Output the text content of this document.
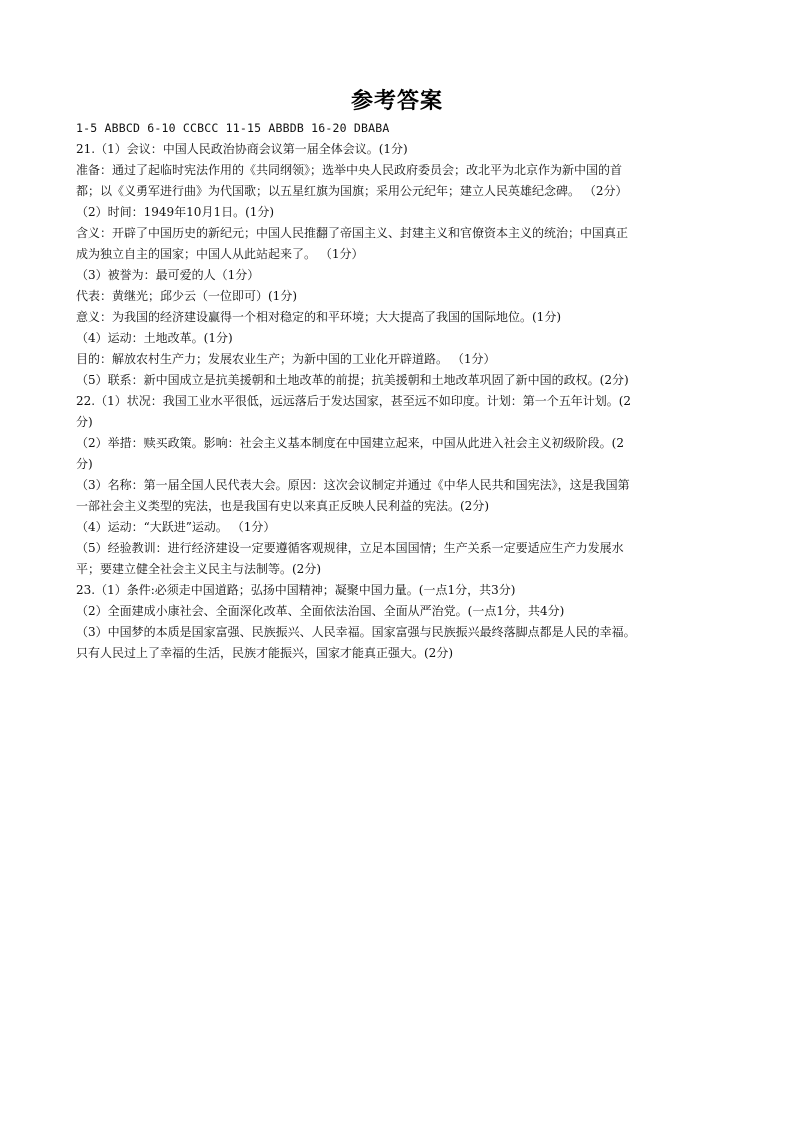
参考答案
1-5 ABBCD 6-10 CCBCC 11-15 ABBDB 16-20 DBABA
21.（1）会议：中国人民政治协商会议第一届全体会议。(1分)
准备：通过了起临时宪法作用的《共同纲领》；选举中央人民政府委员会；改北平为北京作为新中国的首
都；以《义勇军进行曲》为代国歌；以五星红旗为国旗；采用公元纪年；建立人民英雄纪念碑。 （2分）
（2）时间：1949年10月1日。(1分)
含义：开辟了中国历史的新纪元；中国人民推翻了帝国主义、封建主义和官僚资本主义的统治；中国真正
成为独立自主的国家；中国人从此站起来了。 （1分）
（3）被誉为：最可爱的人（1分）
代表：黄继光；邱少云（一位即可）(1分)
意义：为我国的经济建设赢得一个相对稳定的和平环境；大大提高了我国的国际地位。(1分)
（4）运动：土地改革。(1分)
目的：解放农村生产力；发展农业生产；为新中国的工业化开辟道路。 （1分）
（5）联系：新中国成立是抗美援朝和土地改革的前提；抗美援朝和土地改革巩固了新中国的政权。(2分)
22.（1）状况：我国工业水平很低，远远落后于发达国家，甚至远不如印度。计划：第一个五年计划。(2
分)
（2）举措：赎买政策。影响：社会主义基本制度在中国建立起来，中国从此进入社会主义初级阶段。(2
分)
（3）名称：第一届全国人民代表大会。原因：这次会议制定并通过《中华人民共和国宪法》，这是我国第
一部社会主义类型的宪法，也是我国有史以来真正反映人民利益的宪法。(2分)
（4）运动：“大跃进”运动。 （1分）
（5）经验教训：进行经济建设一定要遵循客观规律，立足本国国情；生产关系一定要适应生产力发展水
平；要建立健全社会主义民主与法制等。(2分)
23.（1）条件:必须走中国道路；弘扬中国精神；凝聚中国力量。(一点1分，共3分)
（2）全面建成小康社会、全面深化改革、全面依法治国、全面从严治党。(一点1分，共4分)
（3）中国梦的本质是国家富强、民族振兴、人民幸福。国家富强与民族振兴最终落脚点都是人民的幸福。
只有人民过上了幸福的生活，民族才能振兴，国家才能真正强大。(2分)
